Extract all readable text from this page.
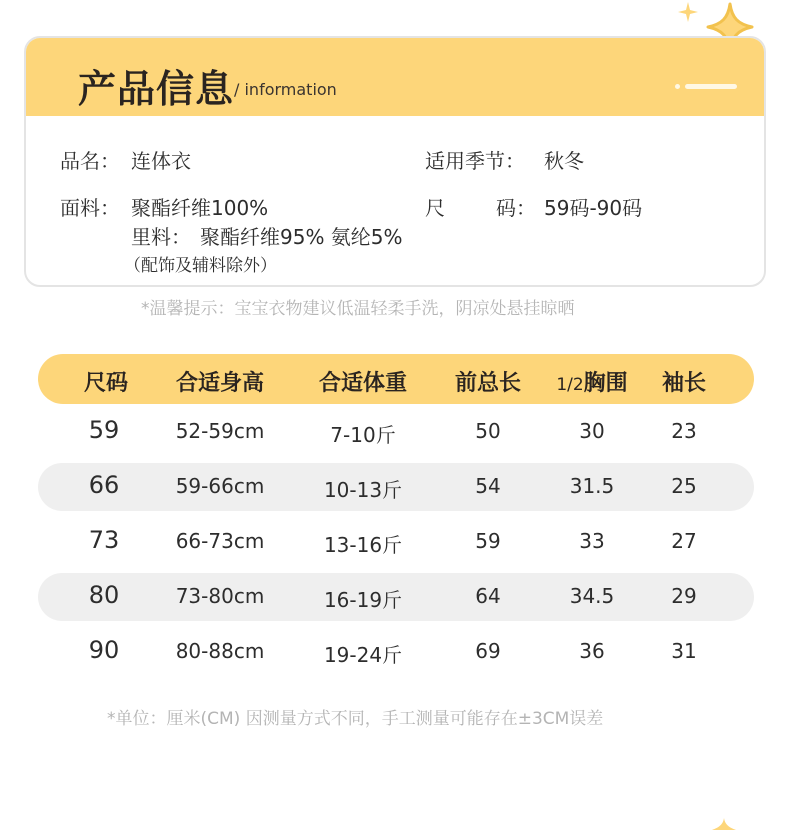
产品信息 / information
品名： 连体衣	适用季节： 秋冬
面料： 聚酯纤维100%	尺	码： 59码-90码
里料： 聚酯纤维95% 氨纶5%
（配饰及辅料除外）
*温馨提示：宝宝衣物建议低温轻柔手洗，阴凉处悬挂晾晒
尺码 合适身高 合适体重 前总长 1/2胸围 袖长
59	52-59cm	7-10斤	50	30	23
66	59-66cm	10-13斤	54	31.5	25
73	66-73cm	13-16斤	59	33	27
80	73-80cm	16-19斤	64	34.5	29
90	80-88cm	19-24斤	69	36	31
*单位：厘米(CM) 因测量方式不同，手工测量可能存在±3CM误差
